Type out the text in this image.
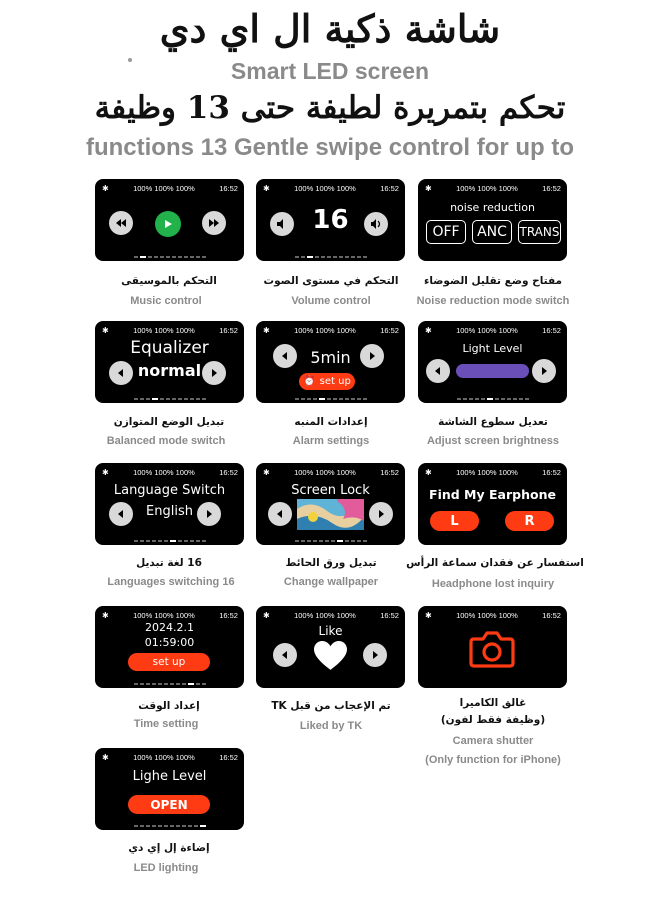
شاشة ذكية ال اي دي
Smart LED screen
تحكم بتمريرة لطيفة حتى 13 وظيفة
functions 13 Gentle swipe control for up to
✱	100% 100% 100%	16:52
التحكم بالموسيقى
Music control
✱	100% 100% 100%	16:52
16
التحكم في مستوى الصوت
Volume control
✱	100% 100% 100%	16:52
noise reduction
OFF	ANC	TRANS
مفتاح وضع تقليل الضوضاء
Noise reduction mode switch
✱	100% 100% 100%	16:52
Equalizer
normal
تبديل الوضع المتوازن
Balanced mode switch
✱	100% 100% 100%	16:52
5min
⏰ set up
إعدادات المنبه
Alarm settings
✱	100% 100% 100%	16:52
Light Level
تعديل سطوع الشاشة
Adjust screen brightness
✱	100% 100% 100%	16:52
Language Switch
English
16 لغة تبديل
Languages switching 16
✱	100% 100% 100%	16:52
Screen Lock
تبديل ورق الحائط
Change wallpaper
✱	100% 100% 100%	16:52
Find My Earphone
L	R
استفسار عن فقدان سماعة الرأس
Headphone lost inquiry
✱	100% 100% 100%	16:52
2024.2.1
01:59:00
set up
إعداد الوقت
Time setting
✱	100% 100% 100%	16:52
Like
تم الإعجاب من قبل TK
Liked by TK
✱	100% 100% 100%	16:52
غالق الكاميرا
(وظيفة فقط لفون)
Camera shutter
(Only function for iPhone)
✱	100% 100% 100%	16:52
Lighe Level
OPEN
إضاءة إل إي دي
LED lighting
